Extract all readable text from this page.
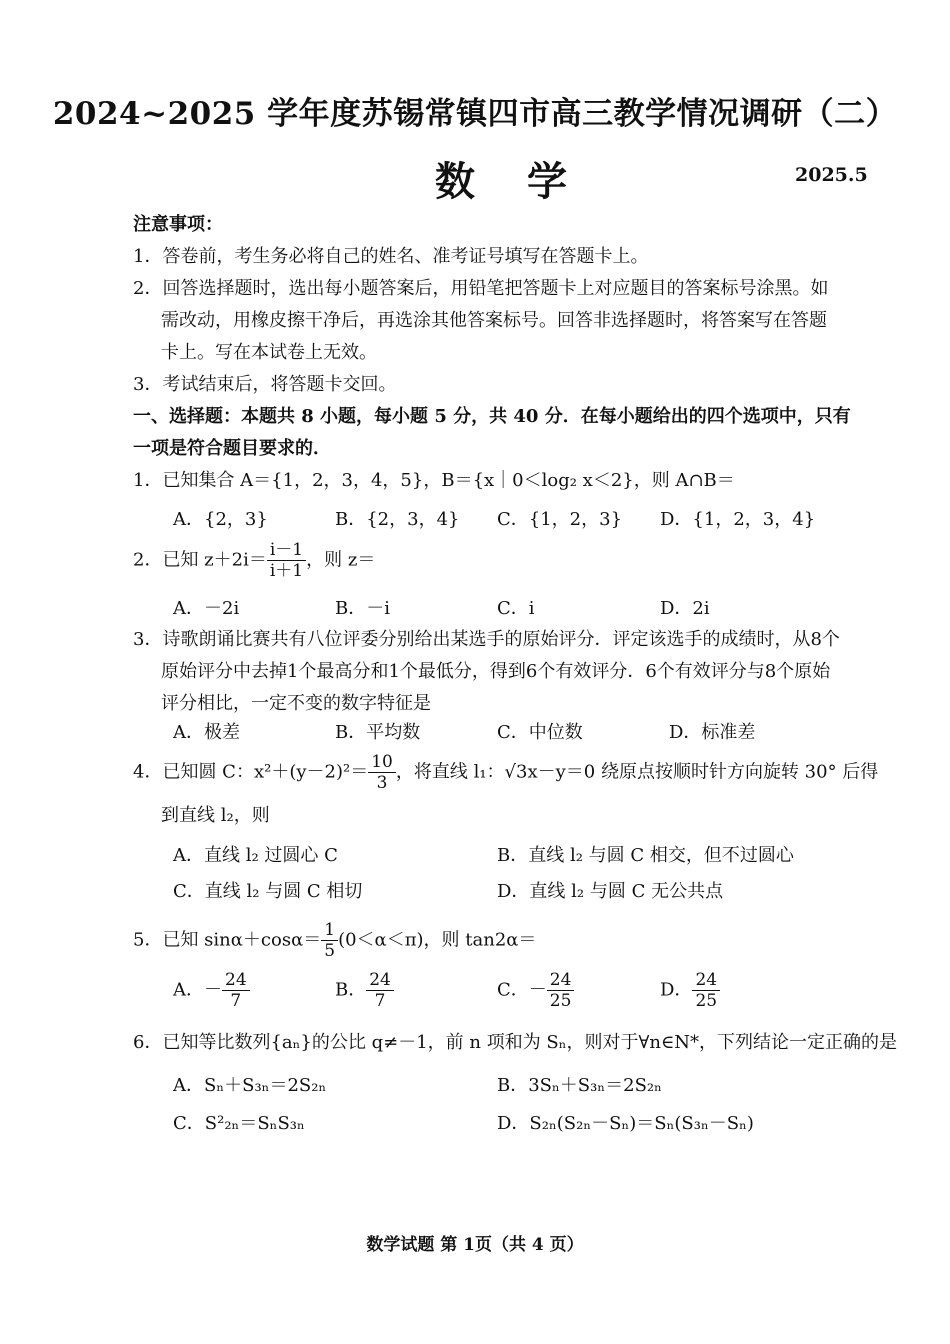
2024~2025 学年度苏锡常镇四市高三教学情况调研（二）
数学	2025.5
注意事项：
1．答卷前，考生务必将自己的姓名、准考证号填写在答题卡上。
2．回答选择题时，选出每小题答案后，用铅笔把答题卡上对应题目的答案标号涂黑。如
需改动，用橡皮擦干净后，再选涂其他答案标号。回答非选择题时，将答案写在答题
卡上。写在本试卷上无效。
3．考试结束后，将答题卡交回。
一、选择题：本题共 8 小题，每小题 5 分，共 40 分．在每小题给出的四个选项中，只有
一项是符合题目要求的．
1．已知集合 A＝{1，2，3，4，5}，B＝{x｜0＜log₂ x＜2}，则 A∩B＝
A．{2，3}	B．{2，3，4} C．{1，2，3} D．{1，2，3，4}
2．已知 $z+2i= \frac{i-1}{i+1}$ ，则 z＝
A．－2i	B．－i	C．i	D．2i
3．诗歌朗诵比赛共有八位评委分别给出某选手的原始评分．评定该选手的成绩时，从8个
原始评分中去掉1个最高分和1个最低分，得到6个有效评分．6个有效评分与8个原始
评分相比，一定不变的数字特征是
A．极差	B．平均数	C．中位数	D．标准差
4．已知圆 C：$x^2+(y-2)^2= \frac{10}{3}$ ，将直线 l₁：√3x－y＝0 绕原点按顺时针方向旋转 30° 后得
到直线 l₂，则
A．直线 l₂ 过圆心 C	B．直线 l₂ 与圆 C 相交，但不过圆心
C．直线 l₂ 与圆 C 相切	D．直线 l₂ 与圆 C 无公共点
5．已知 $\sin\alpha+\cos\alpha= \frac{1}{5} (0<\alpha<\pi)$，则 tan2α＝
A．－ $\frac{24}{7}$	B． $\frac{24}{7}$	C．－ $\frac{24}{25}$	D． $\frac{24}{25}$
6．已知等比数列{aₙ}的公比 q≠－1，前 n 项和为 Sₙ，则对于∀n∈N*，下列结论一定正确的是
A．Sₙ＋S₃ₙ＝2S₂ₙ	B．3Sₙ＋S₃ₙ＝2S₂ₙ
C．S²₂ₙ＝SₙS₃ₙ	D．S₂ₙ(S₂ₙ－Sₙ)＝Sₙ(S₃ₙ－Sₙ)
数学试题 第 1页（共 4 页）
